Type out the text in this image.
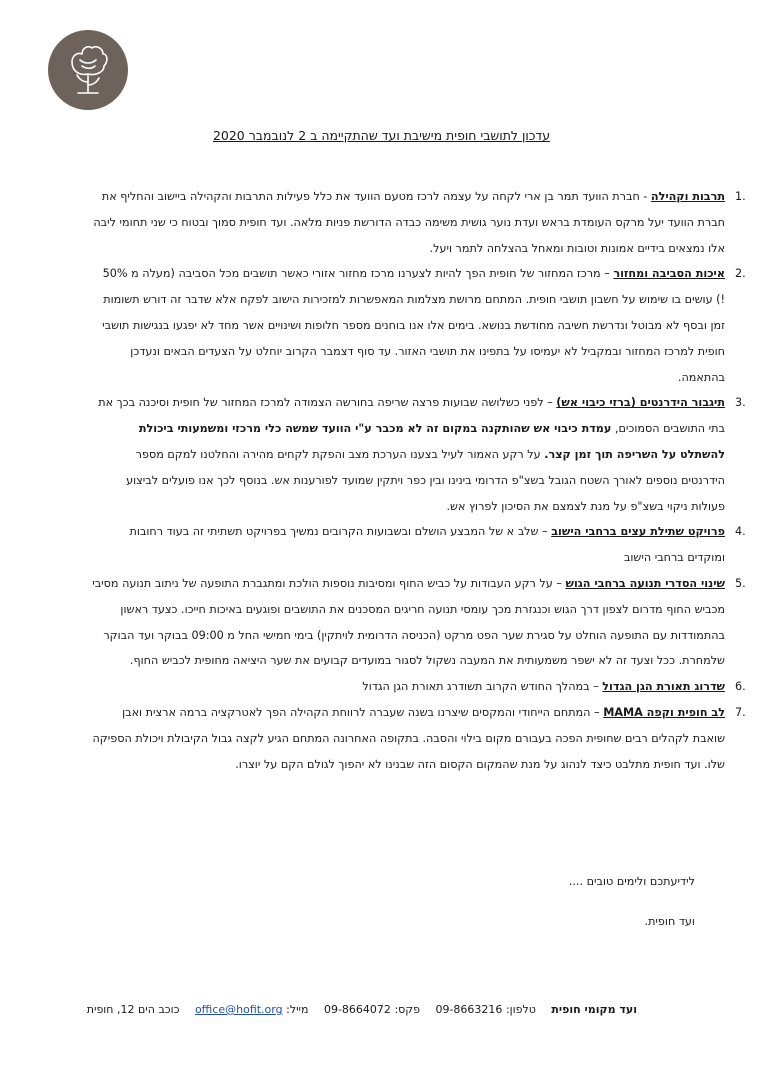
עדכון לתושבי חופית מישיבת ועד שהתקיימה ב 2 לנובמבר 2020
1.
תרבות וקהילה - חברת הוועד תמר בן ארי לקחה על עצמה לרכז מטעם הוועד את כלל פעילות התרבות והקהילה ביישוב והחליף את חברת הוועד יעל מרקס העומדת בראש ועדת נוער גושית משימה כבדה הדורשת פניות מלאה. ועד חופית סמוך ובטוח כי שני תחומי ליבה אלו נמצאים בידיים אמונות וטובות ומאחל בהצלחה לתמר ויעל.
2.
איכות הסביבה ומחזור – מרכז המחזור של חופית הפך להיות לצערנו מרכז מחזור אזורי כאשר תושבים מכל הסביבה (מעלה מ 50% !) עושים בו שימוש על חשבון תושבי חופית. המתחם מרושת מצלמות המאפשרות למזכירות הישוב לפקח אלא שדבר זה דורש תשומות זמן ובסף לא מבוטל ונדרשת חשיבה מחודשת בנושא. בימים אלו אנו בוחנים מספר חלופות ושינויים אשר מחד לא יפגעו בנגישות תושבי חופית למרכז המחזור ובמקביל לא יעמיסו על בתפינו את תושבי האזור. עד סוף דצמבר הקרוב יוחלט על הצעדים הבאים ונעדכן בהתאמה.
3.
תיגבור הידרנטים (ברזי כיבוי אש) – לפני כשלושה שבועות פרצה שריפה בחורשה הצמודה למרכז המחזור של חופית וסיכנה בכך את בתי התושבים הסמוכים, עמדת כיבוי אש שהותקנה במקום זה לא מכבר ע"י הוועד שמשה כלי מרכזי ומשמעותי ביכולת להשתלט על השריפה תוך זמן קצר. על רקע האמור לעיל בצענו הערכת מצב והפקת לקחים מהירה והחלטנו למקם מספר הידרנטים נוספים לאורך השטח הגובל בשצ"פ הדרומי בינינו ובין כפר ויתקין שמועד לפורענות אש. בנוסף לכך אנו פועלים לביצוע פעולות ניקוי בשצ"פ על מנת לצמצם את הסיכון לפרוץ אש.
4.
פרויקט שתילת עצים ברחבי הישוב – שלב א של המבצע הושלם ובשבועות הקרובים נמשיך בפרויקט תשתיתי זה בעוד רחובות ומוקדים ברחבי הישוב
5.
שינוי הסדרי תנועה ברחבי הגוש – על רקע העבודות על כביש החוף ומסיבות נוספות הולכת ומתגברת התופעה של ניתוב תנועה מסיבי מכביש החוף מדרום לצפון דרך הגוש וכנגזרת מכך עומסי תנועה חריגים המסכנים את התושבים ופוגעים באיכות חייכו. כצעד ראשון בהתמודדות עם התופעה הוחלט על סגירת שער הפט מרקט (הכניסה הדרומית לויתקין) בימי חמישי החל מ 09:00 בבוקר ועד הבוקר שלמחרת. ככל וצעד זה לא ישפר משמעותית את המעבה נשקול לסגור במועדים קבועים את שער היציאה מחופית לכביש החוף.
6.
שדרוג תאורת הגן הגדול – במהלך החודש הקרוב תשודרג תאורת הגן הגדול
7.
לב חופית וקפה MAMA – המתחם הייחודי והמקסים שיצרנו בשנה שעברה לרווחת הקהילה הפך לאטרקציה ברמה ארצית ואבן שואבת לקהלים רבים שחופית הפכה בעבורם מקום בילוי והסבה. בתקופה האחרונה המתחם הגיע לקצה גבול הקיבולת ויכולת הספיקה שלו. ועד חופית מתלבט כיצד לנהוג על מנת שהמקום הקסום הזה שבנינו לא יהפוך לגולם הקם על יוצרו.

לידיעתכם ולימים טובים ....

ועד חופית.

ועד מקומי חופית טלפון: 09-8663216 פקס: 09-8664072 מייל: office@hofit.org כוכב הים 12, חופית
